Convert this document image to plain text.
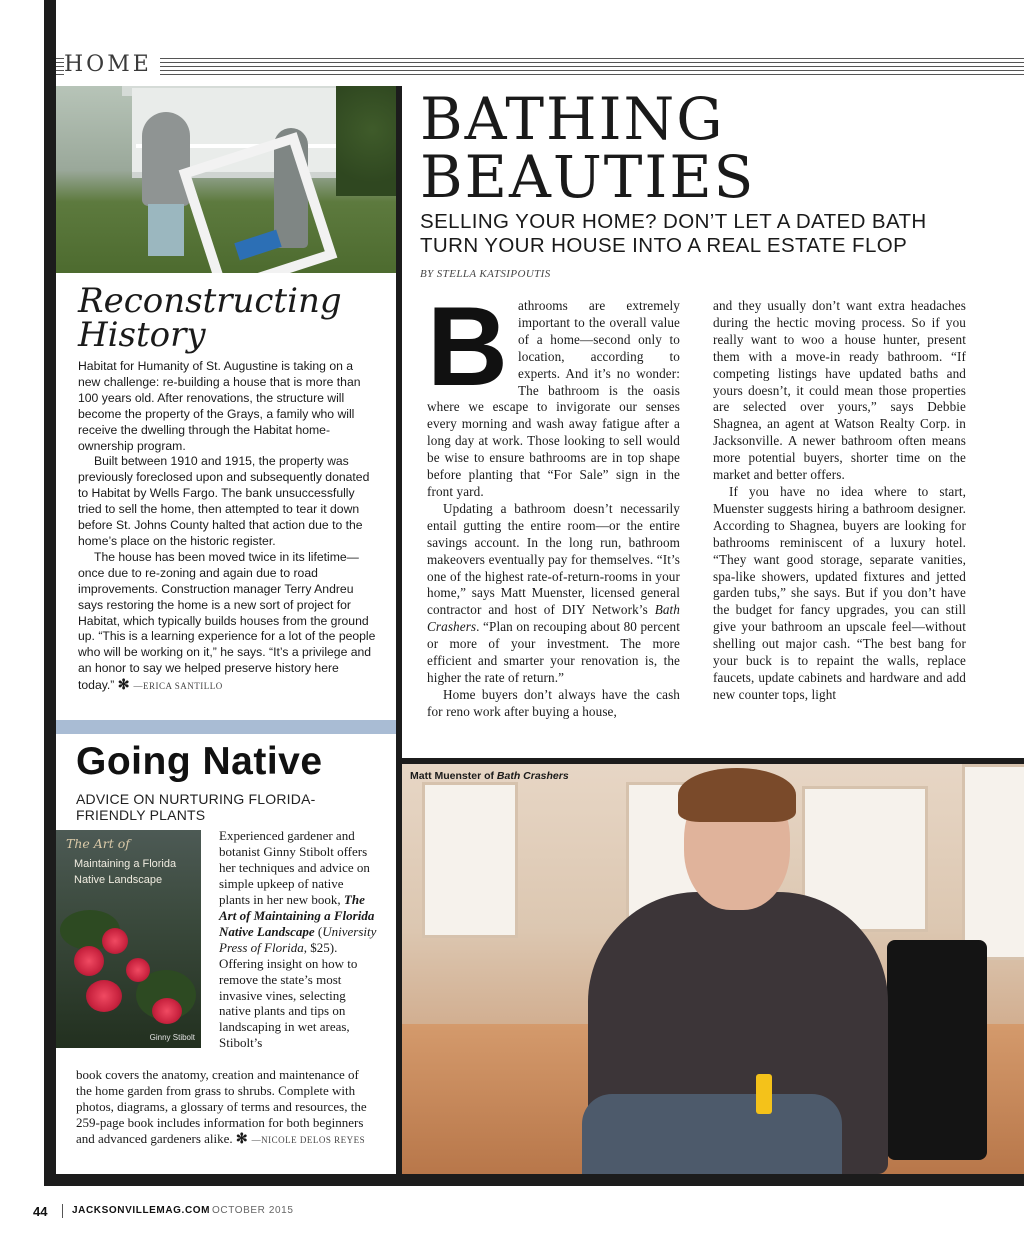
HOME
Reconstructing
History

Habitat for Humanity of St. Augustine is taking on a new challenge: re-building a house that is more than 100 years old. After renovations, the structure will become the property of the Grays, a family who will receive the dwelling through the Habitat home-ownership program.

Built between 1910 and 1915, the property was previously foreclosed upon and subsequently donated to Habitat by Wells Fargo. The bank unsuccessfully tried to sell the home, then attempted to tear it down before St. Johns County halted that action due to the home’s place on the historic register.

The house has been moved twice in its lifetime—once due to re-zoning and again due to road improvements. Construction manager Terry Andreu says restoring the home is a new sort of project for Habitat, which typically builds houses from the ground up. “This is a learning experience for a lot of the people who will be working on it,” he says. “It’s a privilege and an honor to say we helped preserve history here today.” ✻ —ERICA SANTILLO

Going Native
ADVICE ON NURTURING FLORIDA-FRIENDLY PLANTS
The Art of
Maintaining a Florida Native Landscape
Ginny Stibolt

Experienced gardener and botanist Ginny Stibolt offers her techniques and advice on simple upkeep of native plants in her new book, The Art of Maintaining a Florida Native Landscape (University Press of Florida, $25). Offering insight on how to remove the state’s most invasive vines, selecting native plants and tips on landscaping in wet areas, Stibolt’s

book covers the anatomy, creation and maintenance of the home garden from grass to shrubs. Complete with photos, diagrams, a glossary of terms and resources, the 259-page book includes information for both beginners and advanced gardeners alike. ✻ —NICOLE DELOS REYES

BATHING
BEAUTIES
SELLING YOUR HOME? DON’T LET A DATED BATH TURN YOUR HOUSE INTO A REAL ESTATE FLOP
BY STELLA KATSIPOUTIS

Bathrooms are extremely important to the overall value of a home—second only to location, according to experts. And it’s no wonder: The bathroom is the oasis where we escape to invigorate our senses every morning and wash away fatigue after a long day at work. Those looking to sell would be wise to ensure bathrooms are in top shape before planting that “For Sale” sign in the front yard.

Updating a bathroom doesn’t necessarily entail gutting the entire room—or the entire savings account. In the long run, bathroom makeovers eventually pay for themselves. “It’s one of the highest rate-of-return-rooms in your home,” says Matt Muenster, licensed general contractor and host of DIY Network’s Bath Crashers. “Plan on recouping about 80 percent or more of your investment. The more efficient and smarter your renovation is, the higher the rate of return.”

Home buyers don’t always have the cash for reno work after buying a house,

and they usually don’t want extra headaches during the hectic moving process. So if you really want to woo a house hunter, present them with a move-in ready bathroom. “If competing listings have updated baths and yours doesn’t, it could mean those properties are selected over yours,” says Debbie Shagnea, an agent at Watson Realty Corp. in Jacksonville. A newer bathroom often means more potential buyers, shorter time on the market and better offers.

If you have no idea where to start, Muenster suggests hiring a bathroom designer. According to Shagnea, buyers are looking for bathrooms reminiscent of a luxury hotel. “They want good storage, separate vanities, spa-like showers, updated fixtures and jetted garden tubs,” she says. But if you don’t have the budget for fancy upgrades, you can still give your bathroom an upscale feel—without shelling out major cash. “The best bang for your buck is to repaint the walls, replace faucets, update cabinets and hardware and add new counter tops, light

Matt Muenster of Bath Crashers
44 JACKSONVILLEMAG.COM OCTOBER 2015
